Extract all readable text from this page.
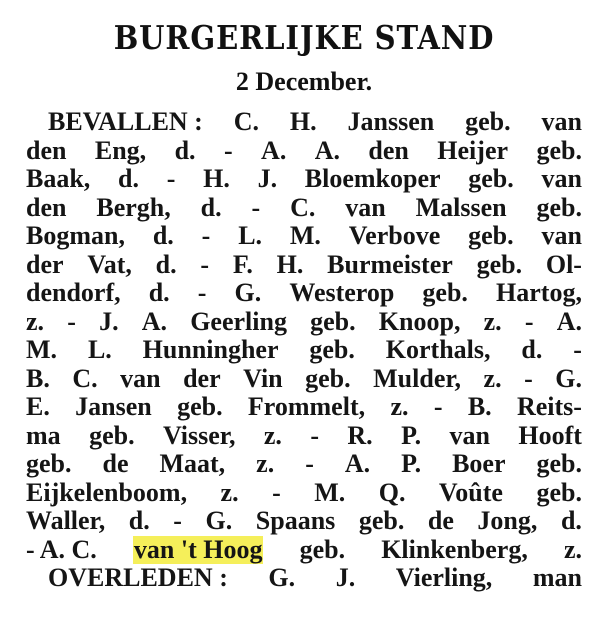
BURGERLIJKE STAND
2 December.
BEVALLEN : C. H. Janssen geb. van
den Eng, d. - A. A. den Heijer geb.
Baak, d. - H. J. Bloemkoper geb. van
den Bergh, d. - C. van Malssen geb.
Bogman, d. - L. M. Verbove geb. van
der Vat, d. - F. H. Burmeister geb. Ol-
dendorf, d. - G. Westerop geb. Hartog,
z. - J. A. Geerling geb. Knoop, z. - A.
M. L. Hunningher geb. Korthals, d. -
B. C. van der Vin geb. Mulder, z. - G.
E. Jansen geb. Frommelt, z. - B. Reits-
ma geb. Visser, z. - R. P. van Hooft
geb. de Maat, z. - A. P. Boer geb.
Eijkelenboom, z. - M. Q. Voûte geb.
Waller, d. - G. Spaans geb. de Jong, d.
- A. C. van 't Hoog geb. Klinkenberg, z.
OVERLEDEN : G. J. Vierling, man
